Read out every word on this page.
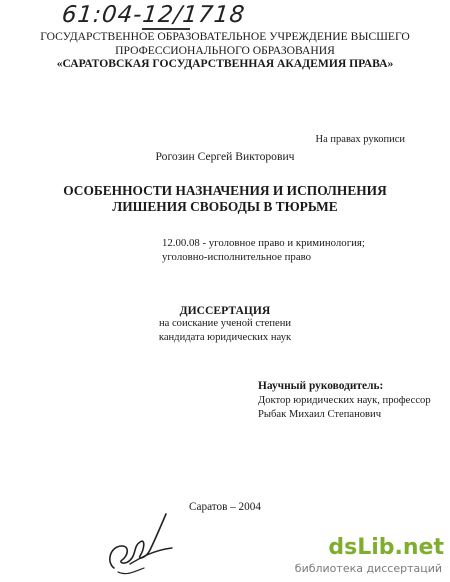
61:04-12/1718
ГОСУДАРСТВЕННОЕ ОБРАЗОВАТЕЛЬНОЕ УЧРЕЖДЕНИЕ ВЫСШЕГО
ПРОФЕССИОНАЛЬНОГО ОБРАЗОВАНИЯ
«САРАТОВСКАЯ ГОСУДАРСТВЕННАЯ АКАДЕМИЯ ПРАВА»
На правах рукописи
Рогозин Сергей Викторович
ОСОБЕННОСТИ НАЗНАЧЕНИЯ И ИСПОЛНЕНИЯ
ЛИШЕНИЯ СВОБОДЫ В ТЮРЬМЕ
12.00.08 - уголовное право и криминология;
уголовно-исполнительное право
ДИССЕРТАЦИЯ
на соискание ученой степени
кандидата юридических наук
Научный руководитель:
Доктор юридических наук, профессор
Рыбак Михаил Степанович
Саратов – 2004
dsLib.net
библиотека диссертаций
